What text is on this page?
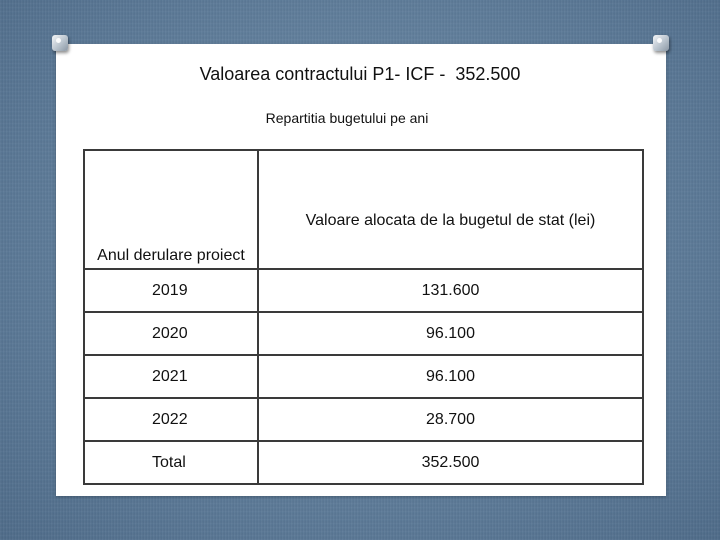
Valoarea contractului P1- ICF -  352.500
Repartitia bugetului pe ani
Anul derulare proiect	Valoare alocata de la bugetul de stat (lei)
2019	131.600
2020	96.100
2021	96.100
2022	28.700
Total	352.500
